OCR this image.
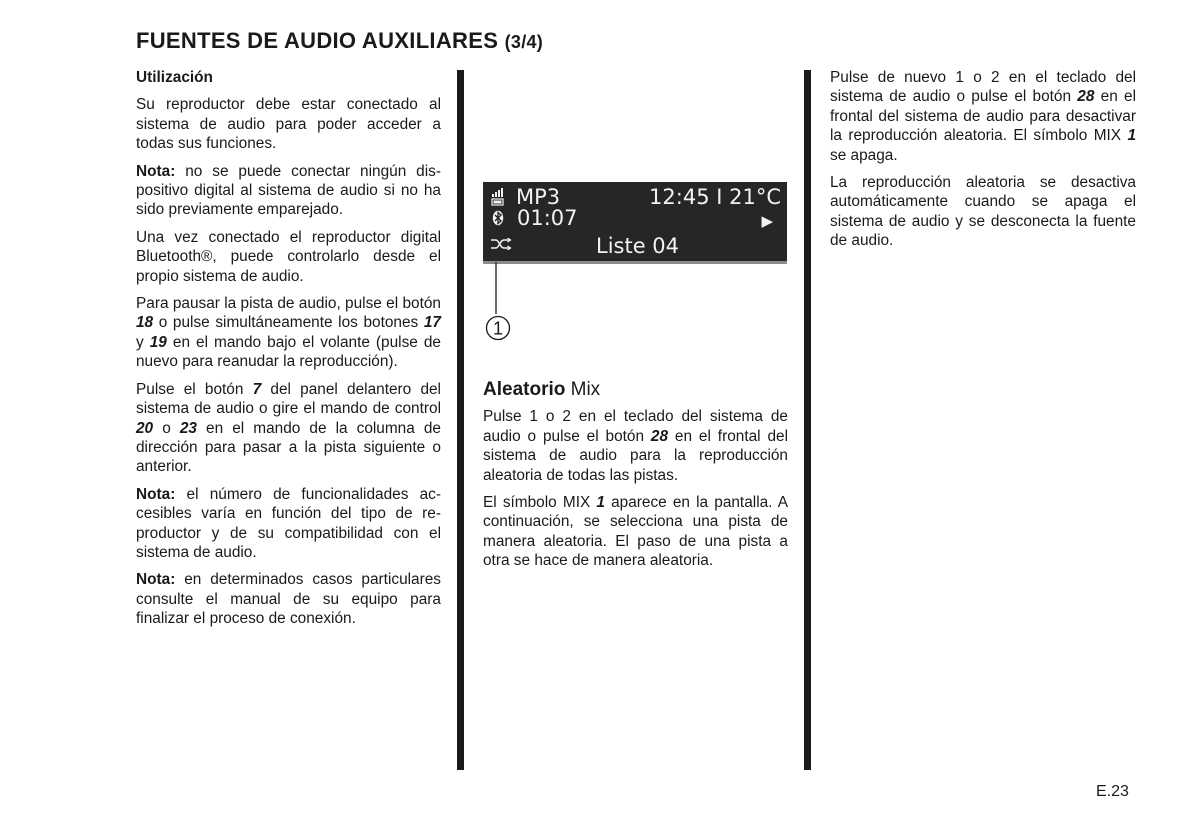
FUENTES DE AUDIO AUXILIARES (3/4)

Utilización

Su reproductor debe estar conectado al sistema de audio para poder acceder a todas sus funciones.

Nota: no se puede conectar ningún dispositivo digital al sistema de audio si no ha sido previamente emparejado.

Una vez conectado el reproductor digital Bluetooth®, puede controlarlo desde el propio sistema de audio.

Para pausar la pista de audio, pulse el botón 18 o pulse simultáneamente los botones 17 y 19 en el mando bajo el volante (pulse de nuevo para reanudar la reproducción).

Pulse el botón 7 del panel delantero del sistema de audio o gire el mando de control 20 o 23 en el mando de la columna de dirección para pasar a la pista siguiente o anterior.

Nota: el número de funcionalidades accesibles varía en función del tipo de reproductor y de su compatibilidad con el sistema de audio.

Nota: en determinados casos particulares consulte el manual de su equipo para finalizar el proceso de conexión.

MP3	12:45 I 21°C
01:07	▶
Liste 04
1

Aleatorio Mix

Pulse 1 o 2 en el teclado del sistema de audio o pulse el botón 28 en el frontal del sistema de audio para la reproducción aleatoria de todas las pistas.

El símbolo MIX 1 aparece en la pantalla. A continuación, se selecciona una pista de manera aleatoria. El paso de una pista a otra se hace de manera aleatoria.

Pulse de nuevo 1 o 2 en el teclado del sistema de audio o pulse el botón 28 en el frontal del sistema de audio para desactivar la reproducción aleatoria. El símbolo MIX 1 se apaga.

La reproducción aleatoria se desactiva automáticamente cuando se apaga el sistema de audio y se desconecta la fuente de audio.

E.23
